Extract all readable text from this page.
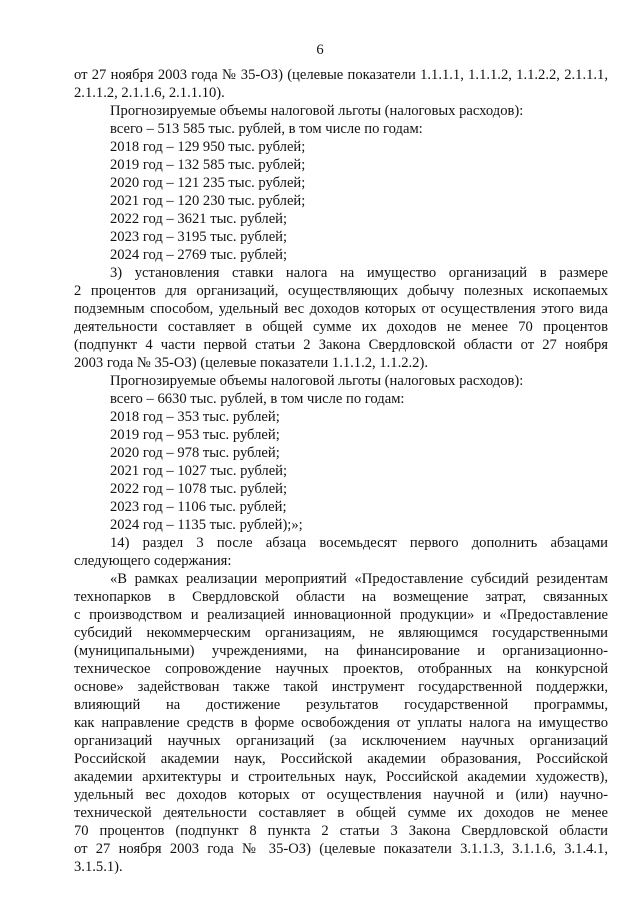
6

от 27 ноября 2003 года № 35-ОЗ) (целевые показатели 1.1.1.1, 1.1.1.2, 1.1.2.2, 2.1.1.1,

2.1.1.2, 2.1.1.6, 2.1.1.10).

Прогнозируемые объемы налоговой льготы (налоговых расходов):

всего – 513 585 тыс. рублей, в том числе по годам:

2018 год – 129 950 тыс. рублей;

2019 год – 132 585 тыс. рублей;

2020 год – 121 235 тыс. рублей;

2021 год – 120 230 тыс. рублей;

2022 год – 3621 тыс. рублей;

2023 год – 3195 тыс. рублей;

2024 год – 2769 тыс. рублей;

3) установления ставки налога на имущество организаций в размере

2 процентов для организаций, осуществляющих добычу полезных ископаемых

подземным способом, удельный вес доходов которых от осуществления этого вида

деятельности составляет в общей сумме их доходов не менее 70 процентов

(подпункт 4 части первой статьи 2 Закона Свердловской области от 27 ноября

2003 года № 35-ОЗ) (целевые показатели 1.1.1.2, 1.1.2.2).

Прогнозируемые объемы налоговой льготы (налоговых расходов):

всего – 6630 тыс. рублей, в том числе по годам:

2018 год – 353 тыс. рублей;

2019 год – 953 тыс. рублей;

2020 год – 978 тыс. рублей;

2021 год – 1027 тыс. рублей;

2022 год – 1078 тыс. рублей;

2023 год – 1106 тыс. рублей;

2024 год – 1135 тыс. рублей);»;

14) раздел 3 после абзаца восемьдесят первого дополнить абзацами

следующего содержания:

«В рамках реализации мероприятий «Предоставление субсидий резидентам

технопарков в Свердловской области на возмещение затрат, связанных

с производством и реализацией инновационной продукции» и «Предоставление

субсидий некоммерческим организациям, не являющимся государственными

(муниципальными) учреждениями, на финансирование и организационно-

техническое сопровождение научных проектов, отобранных на конкурсной

основе» задействован также такой инструмент государственной поддержки,

влияющий на достижение результатов государственной программы,

как направление средств в форме освобождения от уплаты налога на имущество

организаций научных организаций (за исключением научных организаций

Российской академии наук, Российской академии образования, Российской

академии архитектуры и строительных наук, Российской академии художеств),

удельный вес доходов которых от осуществления научной и (или) научно-

технической деятельности составляет в общей сумме их доходов не менее

70 процентов (подпункт 8 пункта 2 статьи 3 Закона Свердловской области

от 27 ноября 2003 года № 35-ОЗ) (целевые показатели 3.1.1.3, 3.1.1.6, 3.1.4.1,

3.1.5.1).
